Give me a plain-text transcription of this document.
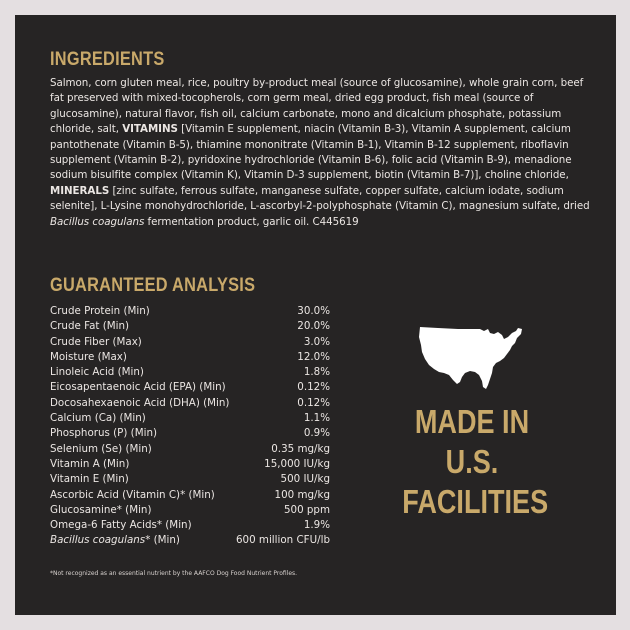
INGREDIENTS
Salmon, corn gluten meal, rice, poultry by-product meal (source of glucosamine), whole grain corn, beef fat preserved with mixed-tocopherols, corn germ meal, dried egg product, fish meal (source of glucosamine), natural flavor, fish oil, calcium carbonate, mono and dicalcium phosphate, potassium chloride, salt, VITAMINS [Vitamin E supplement, niacin (Vitamin B-3), Vitamin A supplement, calcium pantothenate (Vitamin B-5), thiamine mononitrate (Vitamin B-1), Vitamin B-12 supplement, riboflavin supplement (Vitamin B-2), pyridoxine hydrochloride (Vitamin B-6), folic acid (Vitamin B-9), menadione sodium bisulfite complex (Vitamin K), Vitamin D-3 supplement, biotin (Vitamin B-7)], choline chloride, MINERALS [zinc sulfate, ferrous sulfate, manganese sulfate, copper sulfate, calcium iodate, sodium selenite], L-Lysine monohydrochloride, L-ascorbyl-2-polyphosphate (Vitamin C), magnesium sulfate, dried Bacillus coagulans fermentation product, garlic oil. C445619
GUARANTEED ANALYSIS
Crude Protein (Min)	30.0%
Crude Fat (Min)	20.0%
Crude Fiber (Max)	3.0%
Moisture (Max)	12.0%
Linoleic Acid (Min)	1.8%
Eicosapentaenoic Acid (EPA) (Min)	0.12%
Docosahexaenoic Acid (DHA) (Min)	0.12%
Calcium (Ca) (Min)	1.1%
Phosphorus (P) (Min)	0.9%
Selenium (Se) (Min)	0.35 mg/kg
Vitamin A (Min)	15,000 IU/kg
Vitamin E (Min)	500 IU/kg
Ascorbic Acid (Vitamin C)* (Min)	100 mg/kg
Glucosamine* (Min)	500 ppm
Omega-6 Fatty Acids* (Min)	1.9%
Bacillus coagulans* (Min)	600 million CFU/lb
*Not recognized as an essential nutrient by the AAFCO Dog Food Nutrient Profiles.
MADE IN
U.S.
FACILITIES
